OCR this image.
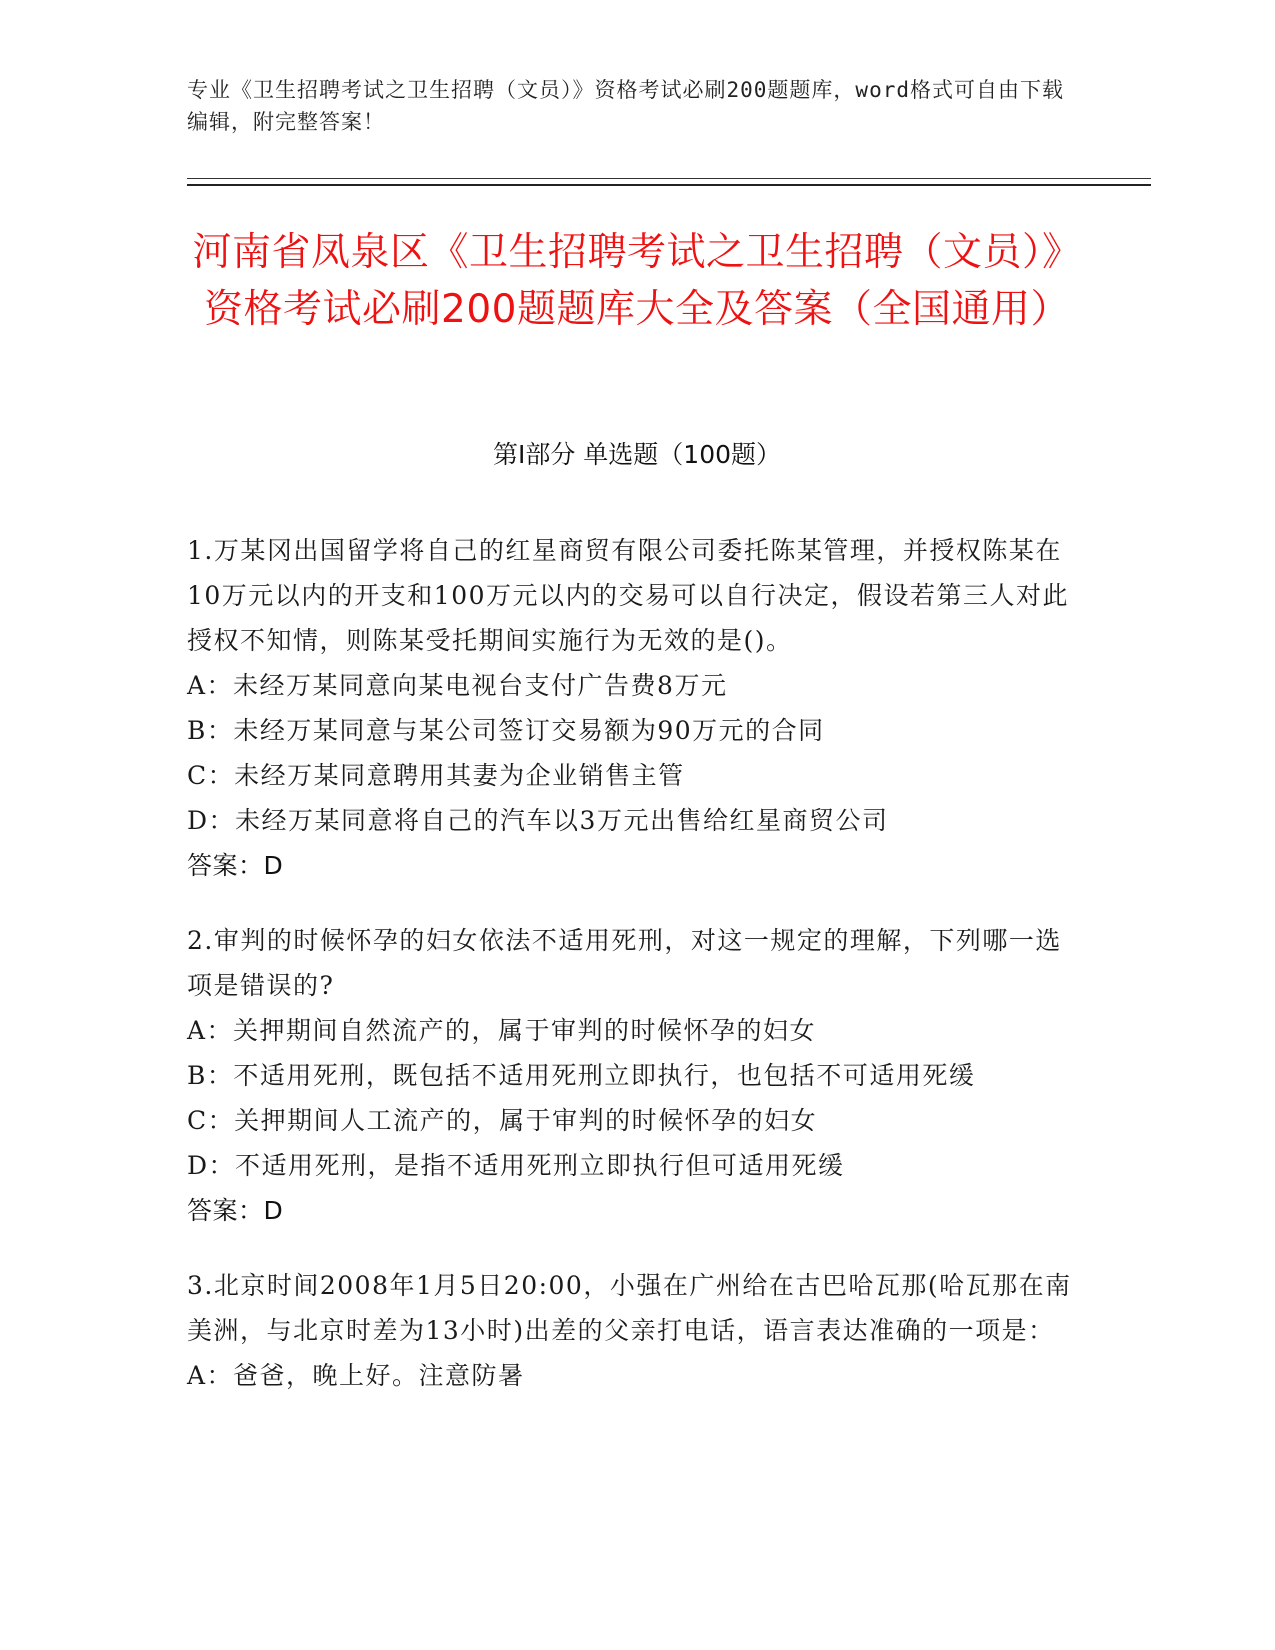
专业《卫生招聘考试之卫生招聘（文员）》资格考试必刷200题题库，word格式可自由下载编辑，附完整答案！
河南省凤泉区《卫生招聘考试之卫生招聘（文员）》资格考试必刷200题题库大全及答案（全国通用）
第Ⅰ部分 单选题（100题）

1.万某冈出国留学将自己的红星商贸有限公司委托陈某管理，并授权陈某在10万元以内的开支和100万元以内的交易可以自行决定，假设若第三人对此授权不知情，则陈某受托期间实施行为无效的是()。

A：未经万某同意向某电视台支付广告费8万元

B：未经万某同意与某公司签订交易额为90万元的合同

C：未经万某同意聘用其妻为企业销售主管

D：未经万某同意将自己的汽车以3万元出售给红星商贸公司

答案：D

2.审判的时候怀孕的妇女依法不适用死刑，对这一规定的理解，下列哪一选项是错误的?

A：关押期间自然流产的，属于审判的时候怀孕的妇女

B：不适用死刑，既包括不适用死刑立即执行，也包括不可适用死缓

C：关押期间人工流产的，属于审判的时候怀孕的妇女

D：不适用死刑，是指不适用死刑立即执行但可适用死缓

答案：D

3.北京时间2008年1月5日20:00，小强在广州给在古巴哈瓦那(哈瓦那在南美洲，与北京时差为13小时)出差的父亲打电话，语言表达准确的一项是：

A：爸爸，晚上好。注意防暑
